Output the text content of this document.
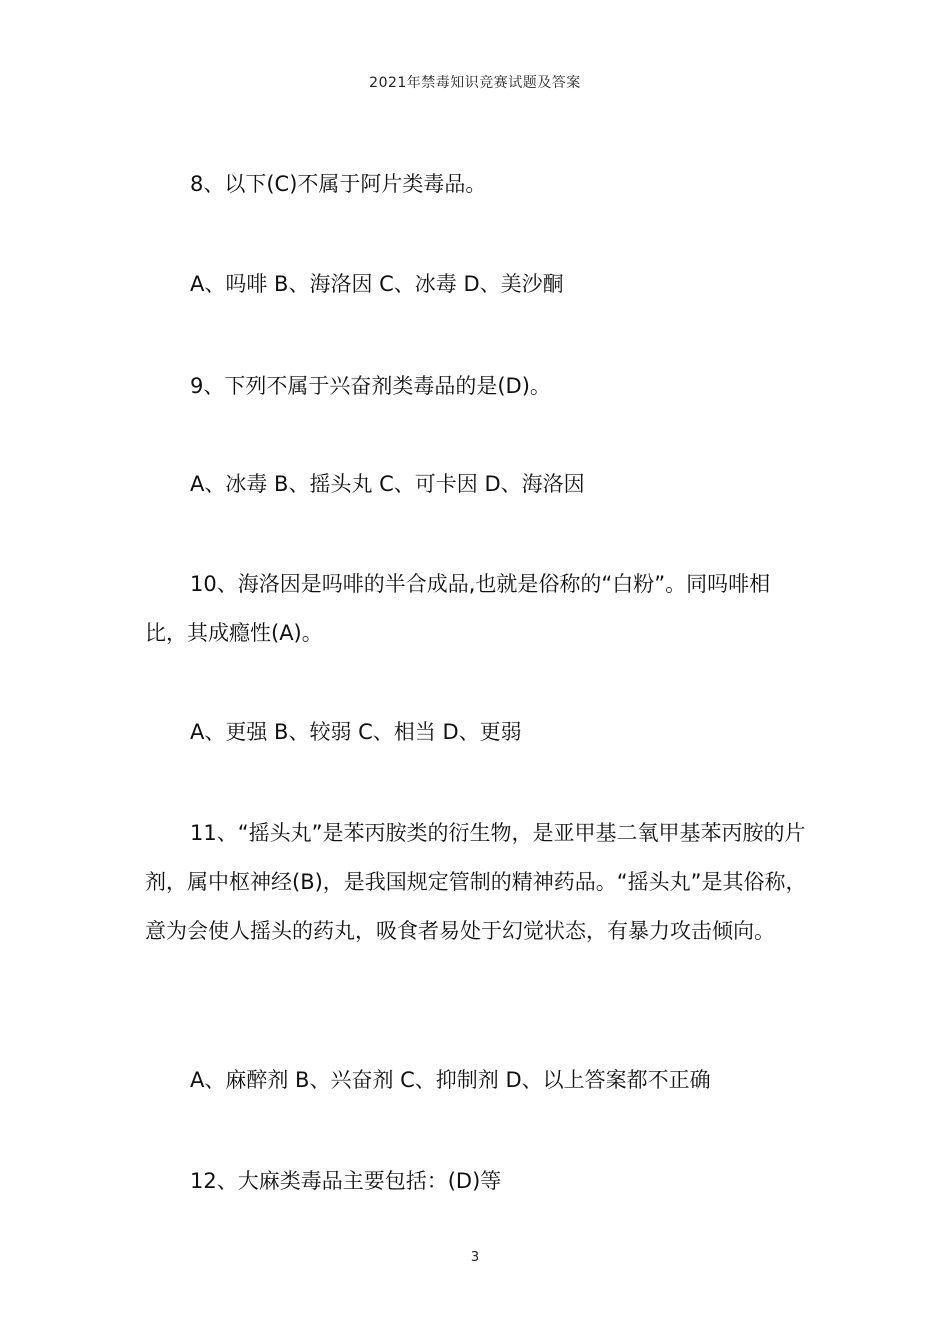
2021年禁毒知识竞赛试题及答案

8、以下(C)不属于阿片类毒品。

A、吗啡 B、海洛因 C、冰毒 D、美沙酮

9、下列不属于兴奋剂类毒品的是(D)。

A、冰毒 B、摇头丸 C、可卡因 D、海洛因

10、海洛因是吗啡的半合成品,也就是俗称的“白粉”。同吗啡相比，其成瘾性(A)。

A、更强 B、较弱 C、相当 D、更弱

11、“摇头丸”是苯丙胺类的衍生物，是亚甲基二氧甲基苯丙胺的片剂，属中枢神经(B)，是我国规定管制的精神药品。“摇头丸”是其俗称，意为会使人摇头的药丸，吸食者易处于幻觉状态，有暴力攻击倾向。

A、麻醉剂 B、兴奋剂 C、抑制剂 D、以上答案都不正确

12、大麻类毒品主要包括：(D)等

3
